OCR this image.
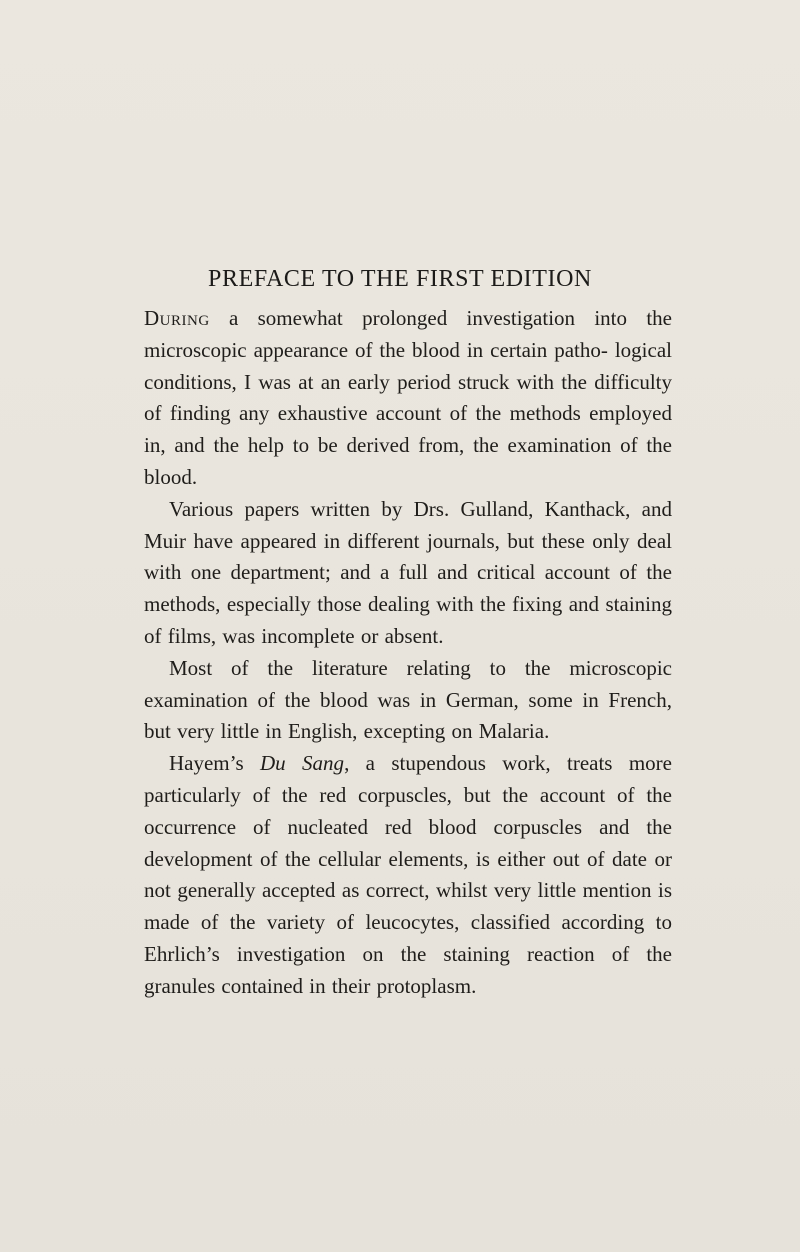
PREFACE TO THE FIRST EDITION

During a somewhat prolonged investigation into the microscopic appearance of the blood in certain patho- logical conditions, I was at an early period struck with the difficulty of finding any exhaustive account of the methods employed in, and the help to be derived from, the examination of the blood.

Various papers written by Drs. Gulland, Kanthack, and Muir have appeared in different journals, but these only deal with one department; and a full and critical account of the methods, especially those dealing with the fixing and staining of films, was incomplete or absent.

Most of the literature relating to the microscopic examination of the blood was in German, some in French, but very little in English, excepting on Malaria.

Hayem’s Du Sang, a stupendous work, treats more particularly of the red corpuscles, but the account of the occurrence of nucleated red blood corpuscles and the development of the cellular elements, is either out of date or not generally accepted as correct, whilst very little mention is made of the variety of leucocytes, classified according to Ehrlich’s investigation on the staining reaction of the granules contained in their protoplasm.
